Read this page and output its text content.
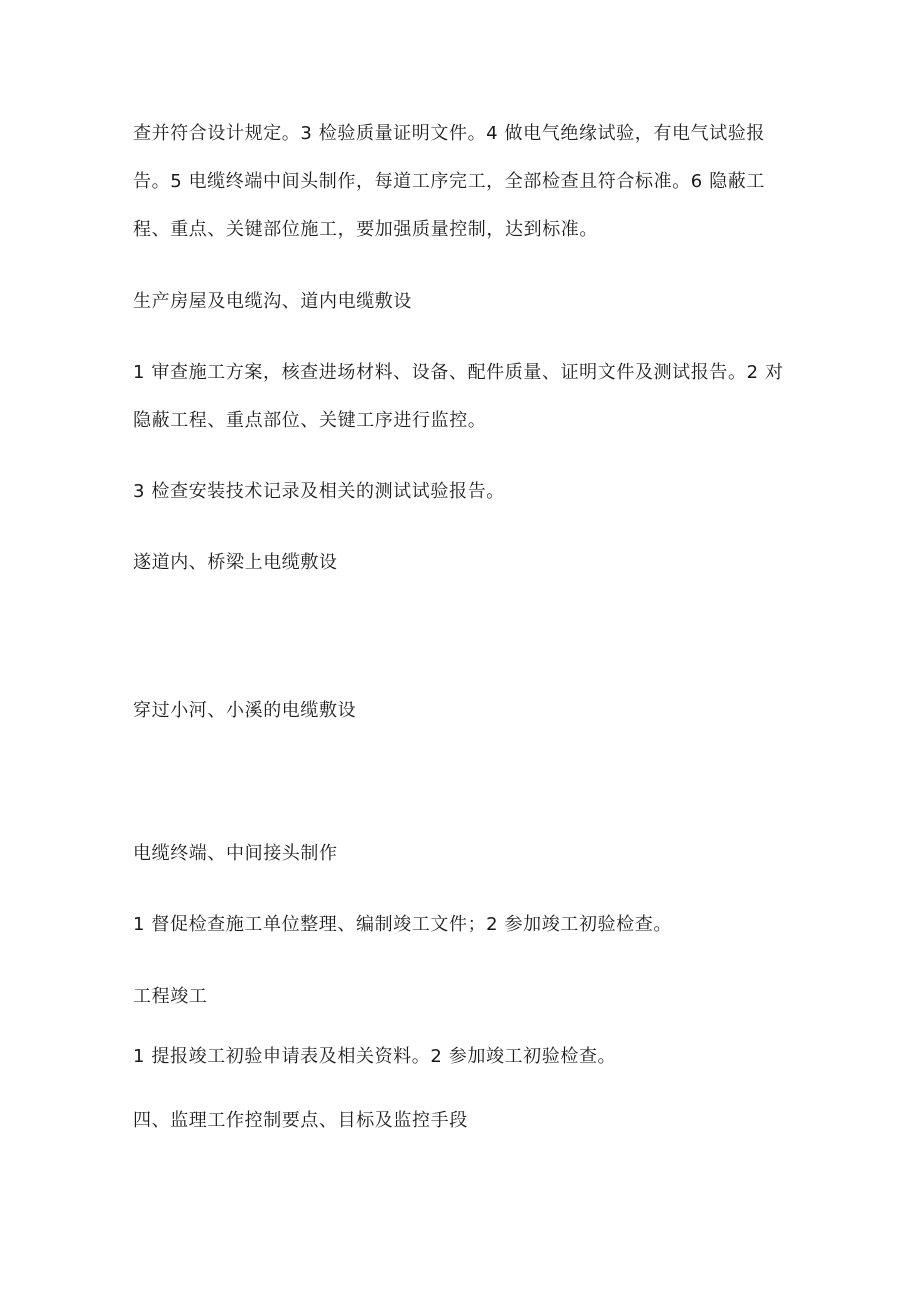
查并符合设计规定。3 检验质量证明文件。4 做电气绝缘试验，有电气试验报
告。5 电缆终端中间头制作，每道工序完工，全部检查且符合标准。6 隐蔽工
程、重点、关键部位施工，要加强质量控制，达到标准。
生产房屋及电缆沟、道内电缆敷设
1 审查施工方案，核查进场材料、设备、配件质量、证明文件及测试报告。2 对
隐蔽工程、重点部位、关键工序进行监控。
3 检查安装技术记录及相关的测试试验报告。
遂道内、桥梁上电缆敷设
穿过小河、小溪的电缆敷设
电缆终端、中间接头制作
1 督促检查施工单位整理、编制竣工文件；2 参加竣工初验检查。
工程竣工
1 提报竣工初验申请表及相关资料。2 参加竣工初验检查。
四、监理工作控制要点、目标及监控手段
